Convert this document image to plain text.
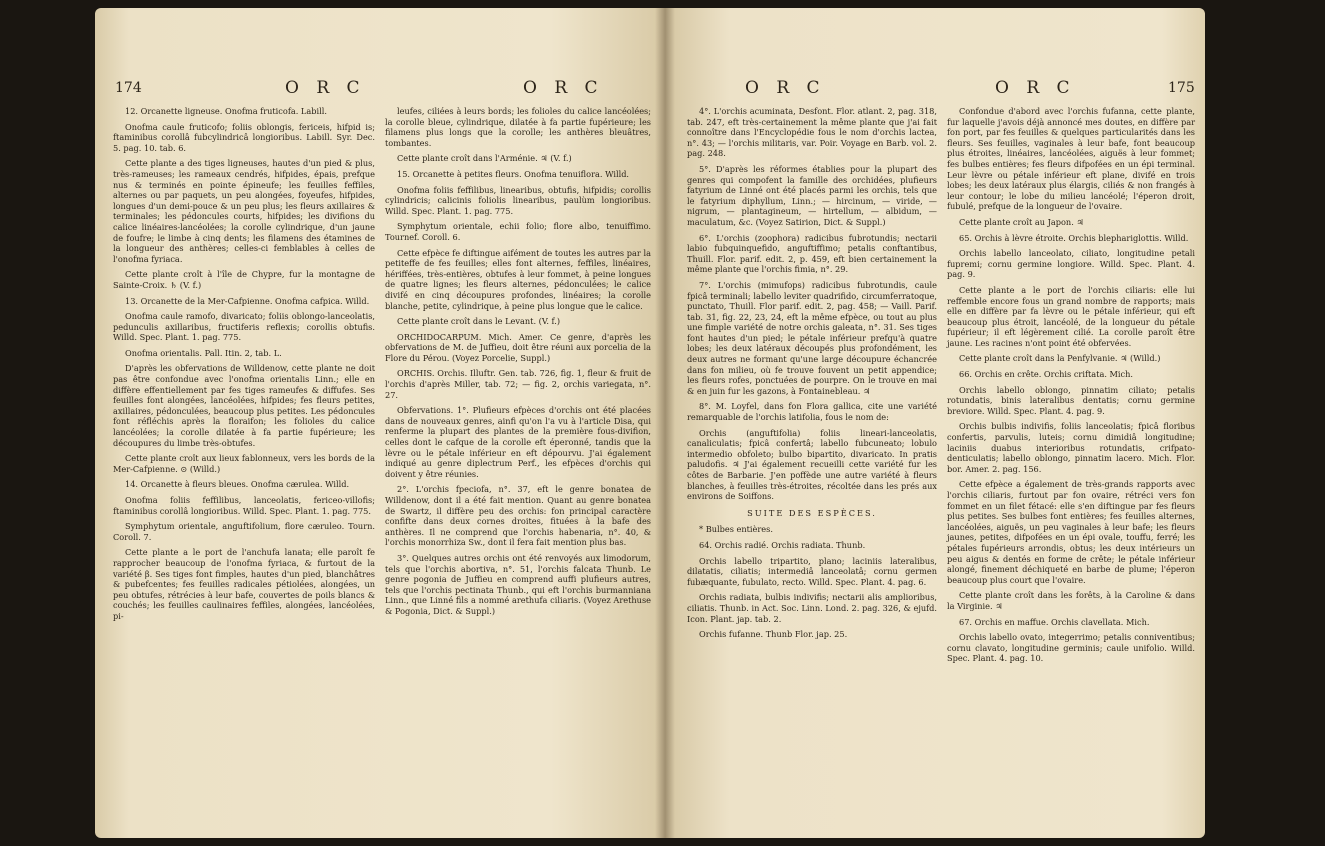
174	O R C	O R C

12. Orcanette ligneuse. Onofma fruticofa. Labill.

Onofma caule fruticofo; foliis oblongis, fericeis, hifpid is; ftaminibus corollâ fubcylindricâ longioribus. Labill. Syr. Dec. 5. pag. 10. tab. 6.

Cette plante a des tiges ligneuses, hautes d'un pied & plus, très-rameuses; les rameaux cendrés, hifpides, épais, prefque nus & terminés en pointe épineufe; les feuilles feffiles, alternes ou par paquets, un peu alongées, foyeufes, hifpides, longues d'un demi-pouce & un peu plus; les fleurs axillaires & terminales; les pédoncules courts, hifpides; les divifions du calice linéaires-lancéolées; la corolle cylindrique, d'un jaune de foufre; le limbe à cinq dents; les filamens des étamines de la longueur des anthères; celles-ci femblables à celles de l'onofma fyriaca.

Cette plante croît à l'île de Chypre, fur la montagne de Sainte-Croix. ♄ (V. f.)

13. Orcanette de la Mer-Cafpienne. Onofma cafpica. Willd.

Onofma caule ramofo, divaricato; foliis oblongo-lanceolatis, pedunculis axillaribus, fructiferis reflexis; corollis obtufis. Willd. Spec. Plant. 1. pag. 775.

Onofma orientalis. Pall. Itin. 2, tab. L.

D'après les obfervations de Willdenow, cette plante ne doit pas être confondue avec l'onofma orientalis Linn.; elle en diffère effentiellement par fes tiges rameufes & diffufes. Ses feuilles font alongées, lancéolées, hifpides; fes fleurs petites, axillaires, pédonculées, beaucoup plus petites. Les pédoncules font réfléchis après la floraifon; les folioles du calice lancéolées; la corolle dilatée à fa partie fupérieure; les découpures du limbe très-obtufes.

Cette plante croît aux lieux fablonneux, vers les bords de la Mer-Cafpienne. ⊙ (Willd.)

14. Orcanette à fleurs bleues. Onofma cærulea. Willd.

Onofma foliis feffilibus, lanceolatis, fericeo-villofis; ftaminibus corollâ longioribus. Willd. Spec. Plant. 1. pag. 775.

Symphytum orientale, anguftifolium, flore cæruleo. Tourn. Coroll. 7.

Cette plante a le port de l'anchufa lanata; elle paroît fe rapprocher beaucoup de l'onofma fyriaca, & furtout de la variété β. Ses tiges font fimples, hautes d'un pied, blanchâtres & pubefcentes; fes feuilles radicales pétiolées, alongées, un peu obtufes, rétrécies à leur bafe, couvertes de poils blancs & couchés; les feuilles caulinaires feffiles, alongées, lancéolées, pi-

leufes, ciliées à leurs bords; les folioles du calice lancéolées; la corolle bleue, cylindrique, dilatée à fa partie fupérieure; les filamens plus longs que la corolle; les anthères bleuâtres, tombantes.

Cette plante croît dans l'Arménie. ♃ (V. f.)

15. Orcanette à petites fleurs. Onofma tenuiflora. Willd.

Onofma foliis feffilibus, linearibus, obtufis, hifpidis; corollis cylindricis; calicinis foliolis linearibus, paulùm longioribus. Willd. Spec. Plant. 1. pag. 775.

Symphytum orientale, echii folio; flore albo, tenuiffimo. Tournef. Coroll. 6.

Cette efpèce fe diftingue aifément de toutes les autres par la petiteffe de fes feuilles; elles font alternes, feffiles, linéaires, hériffées, très-entières, obtufes à leur fommet, à peine longues de quatre lignes; les fleurs alternes, pédonculées; le calice divifé en cinq découpures profondes, linéaires; la corolle blanche, petite, cylindrique, à peine plus longue que le calice.

Cette plante croît dans le Levant. (V. f.)

ORCHIDOCARPUM. Mich. Amer. Ce genre, d'après les obfervations de M. de Juffieu, doit être réuni aux porcelia de la Flore du Pérou. (Voyez Porcelie, Suppl.)

ORCHIS. Orchis. Illuftr. Gen. tab. 726, fig. 1, fleur & fruit de l'orchis d'après Miller, tab. 72; — fig. 2, orchis variegata, n°. 27.

Obfervations. 1°. Plufieurs efpèces d'orchis ont été placées dans de nouveaux genres, ainfi qu'on l'a vu à l'article Disa, qui renferme la plupart des plantes de la première fous-divifion, celles dont le cafque de la corolle eft éperonné, tandis que la lèvre ou le pétale inférieur en eft dépourvu. J'ai également indiqué au genre diplectrum Perf., les efpèces d'orchis qui doivent y être réunies.

2°. L'orchis fpeciofa, n°. 37, eft le genre bonatea de Willdenow, dont il a été fait mention. Quant au genre bonatea de Swartz, il diffère peu des orchis: fon principal caractère confifte dans deux cornes droites, fituées à la bafe des anthères. Il ne comprend que l'orchis habenaria, n°. 40, & l'orchis monorrhiza Sw., dont il fera fait mention plus bas.

3°. Quelques autres orchis ont été renvoyés aux limodorum, tels que l'orchis abortiva, n°. 51, l'orchis falcata Thunb. Le genre pogonia de Juffieu en comprend auffi plufieurs autres, tels que l'orchis pectinata Thunb., qui eft l'orchis burmanniana Linn., que Linné fils a nommé arethufa ciliaris. (Voyez Arethuse & Pogonia, Dict. & Suppl.)

O R C	O R C	175

4°. L'orchis acuminata, Desfont. Flor. atlant. 2, pag. 318, tab. 247, eft très-certainement la même plante que j'ai fait connoître dans l'Encyclopédie fous le nom d'orchis lactea, n°. 43; — l'orchis militaris, var. Poir. Voyage en Barb. vol. 2. pag. 248.

5°. D'après les réformes établies pour la plupart des genres qui compofent la famille des orchidées, plufieurs fatyrium de Linné ont été placés parmi les orchis, tels que le fatyrium diphyllum, Linn.; — hircinum, — viride, — nigrum, — plantagineum, — hirtellum, — albidum, — maculatum, &c. (Voyez Satirion, Dict. & Suppl.)

6°. L'orchis (zoophora) radicibus fubrotundis; nectarii labio fubquinquefido, anguftiffimo; petalis conftantibus, Thuill. Flor. parif. edit. 2, p. 459, eft bien certainement la même plante que l'orchis fimia, n°. 29.

7°. L'orchis (mimufops) radicibus fubrotundis, caule fpicâ terminali; labello leviter quadrifido, circumferratoque, punctato, Thuill. Flor parif. edit. 2, pag. 458; — Vaill. Parif. tab. 31, fig. 22, 23, 24, eft la même efpèce, ou tout au plus une fimple variété de notre orchis galeata, n°. 31. Ses tiges font hautes d'un pied; le pétale inférieur prefqu'à quatre lobes; les deux latéraux découpés plus profondément, les deux autres ne formant qu'une large découpure échancrée dans fon milieu, où fe trouve fouvent un petit appendice; les fleurs rofes, ponctuées de pourpre. On le trouve en mai & en juin fur les gazons, à Fontainebleau. ♃

8°. M. Loyfel, dans fon Flora gallica, cite une variété remarquable de l'orchis latifolia, fous le nom de:

Orchis (anguftifolia) foliis lineari-lanceolatis, canaliculatis; fpicâ confertâ; labello fubcuneato; lobulo intermedio obfoleto; bulbo bipartito, divaricato. In pratis paludofis. ♃ J'ai également recueilli cette variété fur les côtes de Barbarie. J'en poffède une autre variété à fleurs blanches, à feuilles très-étroites, récoltée dans les prés aux environs de Soiffons.

SUITE DES ESPÈCES.

* Bulbes entières.

64. Orchis radié. Orchis radiata. Thunb.

Orchis labello tripartito, plano; laciniis lateralibus, dilatatis, ciliatis; intermediâ lanceolatâ; cornu germen fubæquante, fubulato, recto. Willd. Spec. Plant. 4. pag. 6.

Orchis radiata, bulbis indivifis; nectarii alis amplioribus, ciliatis. Thunb. in Act. Soc. Linn. Lond. 2. pag. 326, & ejufd. Icon. Plant. jap. tab. 2.

Orchis fufanne. Thunb Flor. jap. 25.

Confondue d'abord avec l'orchis fufanna, cette plante, fur laquelle j'avois déjà annoncé mes doutes, en diffère par fon port, par fes feuilles & quelques particularités dans les fleurs. Ses feuilles, vaginales à leur bafe, font beaucoup plus étroites, linéaires, lancéolées, aiguës à leur fommet; fes bulbes entières; fes fleurs difpofées en un épi terminal. Leur lèvre ou pétale inférieur eft plane, divifé en trois lobes; les deux latéraux plus élargis, ciliés & non frangés à leur contour; le lobe du milieu lancéolé; l'éperon droit, fubulé, prefque de la longueur de l'ovaire.

Cette plante croît au Japon. ♃

65. Orchis à lèvre étroite. Orchis blephariglottis. Willd.

Orchis labello lanceolato, ciliato, longitudine petali fupremi; cornu germine longiore. Willd. Spec. Plant. 4. pag. 9.

Cette plante a le port de l'orchis ciliaris: elle lui reffemble encore fous un grand nombre de rapports; mais elle en diffère par fa lèvre ou le pétale inférieur, qui eft beaucoup plus étroit, lancéolé, de la longueur du pétale fupérieur; il eft légèrement cilié. La corolle paroît être jaune. Les racines n'ont point été obfervées.

Cette plante croît dans la Penfylvanie. ♃ (Willd.)

66. Orchis en crête. Orchis criftata. Mich.

Orchis labello oblongo, pinnatim ciliato; petalis rotundatis, binis lateralibus dentatis; cornu germine breviore. Willd. Spec. Plant. 4. pag. 9.

Orchis bulbis indivifis, foliis lanceolatis; fpicâ floribus confertis, parvulis, luteis; cornu dimidiâ longitudine; laciniis duabus interioribus rotundatis, crifpato-denticulatis; labello oblongo, pinnatim lacero. Mich. Flor. bor. Amer. 2. pag. 156.

Cette efpèce a également de très-grands rapports avec l'orchis ciliaris, furtout par fon ovaire, rétréci vers fon fommet en un filet fétacé: elle s'en diftingue par fes fleurs plus petites. Ses bulbes font entières; fes feuilles alternes, lancéolées, aiguës, un peu vaginales à leur bafe; les fleurs jaunes, petites, difpofées en un épi ovale, touffu, ferré; les pétales fupérieurs arrondis, obtus; les deux intérieurs un peu aigus & dentés en forme de crête; le pétale inférieur alongé, finement déchiqueté en barbe de plume; l'éperon beaucoup plus court que l'ovaire.

Cette plante croît dans les forêts, à la Caroline & dans la Virginie. ♃

67. Orchis en maffue. Orchis clavellata. Mich.

Orchis labello ovato, integerrimo; petalis conniventibus; cornu clavato, longitudine germinis; caule unifolio. Willd. Spec. Plant. 4. pag. 10.
